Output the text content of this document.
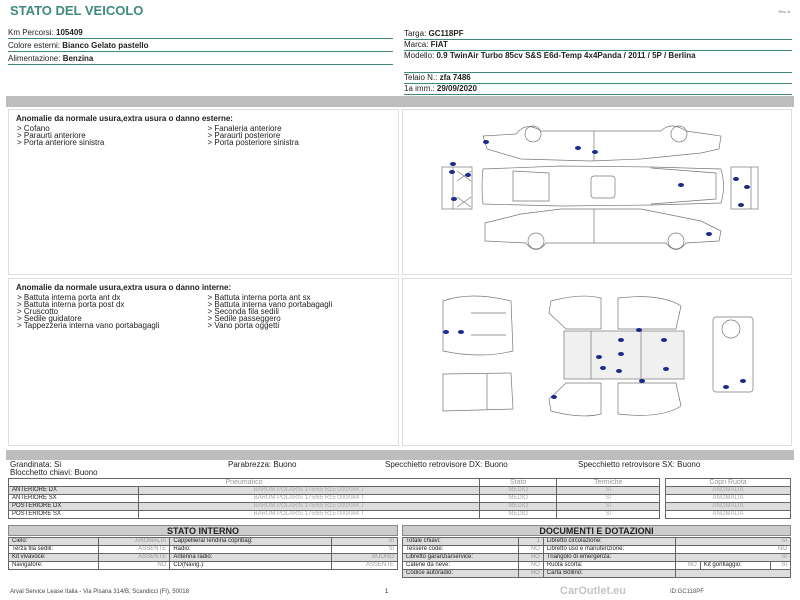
STATO DEL VEICOLO	Rev. A
Km Percorsi: 105409
Colore esterni: Bianco Gelato pastello
Alimentazione: Benzina
Targa: GC118PF
Marca: FIAT
Modello: 0.9 TwinAir Turbo 85cv S&S E6d-Temp 4x4Panda / 2011 / 5P / Berlina
Telaio N.: zfa 7486
1a imm.: 29/09/2020
Anomalie da normale usura,extra usura o danno esterne:
> Cofano
> Paraurti anteriore
> Porta anteriore sinistra
> Fanaleria anteriore
> Paraurti posteriore
> Porta posteriore sinistra
Anomalie da normale usura,extra usura o danno interne:
> Battuta interna porta ant dx
> Battuta interna porta post dx
> Cruscotto
> Sedile guidatore
> Tappezzeria interna vano portabagagli
> Battuta interna porta ant sx
> Battuta interna vano portabagagli
> Seconda fila sedili
> Sedile passeggero
> Vano porta oggetti
Grandinata: Si
Blocchetto chiavi: Buono
Parabrezza: Buono	Specchietto retrovisore DX: Buono	Specchietto retrovisore SX: Buono
Pneumatico		Stato	Termiche
ANTERIORE DX	BARUM POLARIS 175/65 R15 000/084 T	MEDIO	SI
ANTERIORE SX	BARUM POLARIS 175/65 R15 000/084 T	MEDIO	SI
POSTERIORE DX	BARUM POLARIS 175/65 R15 000/084 T	MEDIO	SI
POSTERIORE SX	BARUM POLARIS 175/65 R15 000/084 T	MEDIO	SI
Copri Ruota
ANOMALIA
ANOMALIA
ANOMALIA
ANOMALIA
STATO INTERNO
Cielo:	ANOMALIA	Cappelliera/Tendina copribag:	SI
Terza fila sedili:	ASSENTE	Radio:	SI
Kit vivavoce:	ASSENTE	Antenna radio:	BUONO
Navigatore:	NO	CD(Navig.):	ASSENTE
DOCUMENTI E DOTAZIONI
Totale chiavi:	1	Libretto circolazione:	SI		
Tessere code:	NO	Libretto uso e manutenzione:	NO		
Libretto garanzia/service:	NO	Triangolo di emergenza:	SI		
Catene da neve:	NO	Ruota scorta:	NO	Kit gonfiaggio:	SI
Codice autoradio:	NO	Carta Bollino:			
Arval Service Lease Italia - Via Pisana 314/B, Scandicci (FI), 50018	1	CarOutlet.eu	ID:GC118PF
